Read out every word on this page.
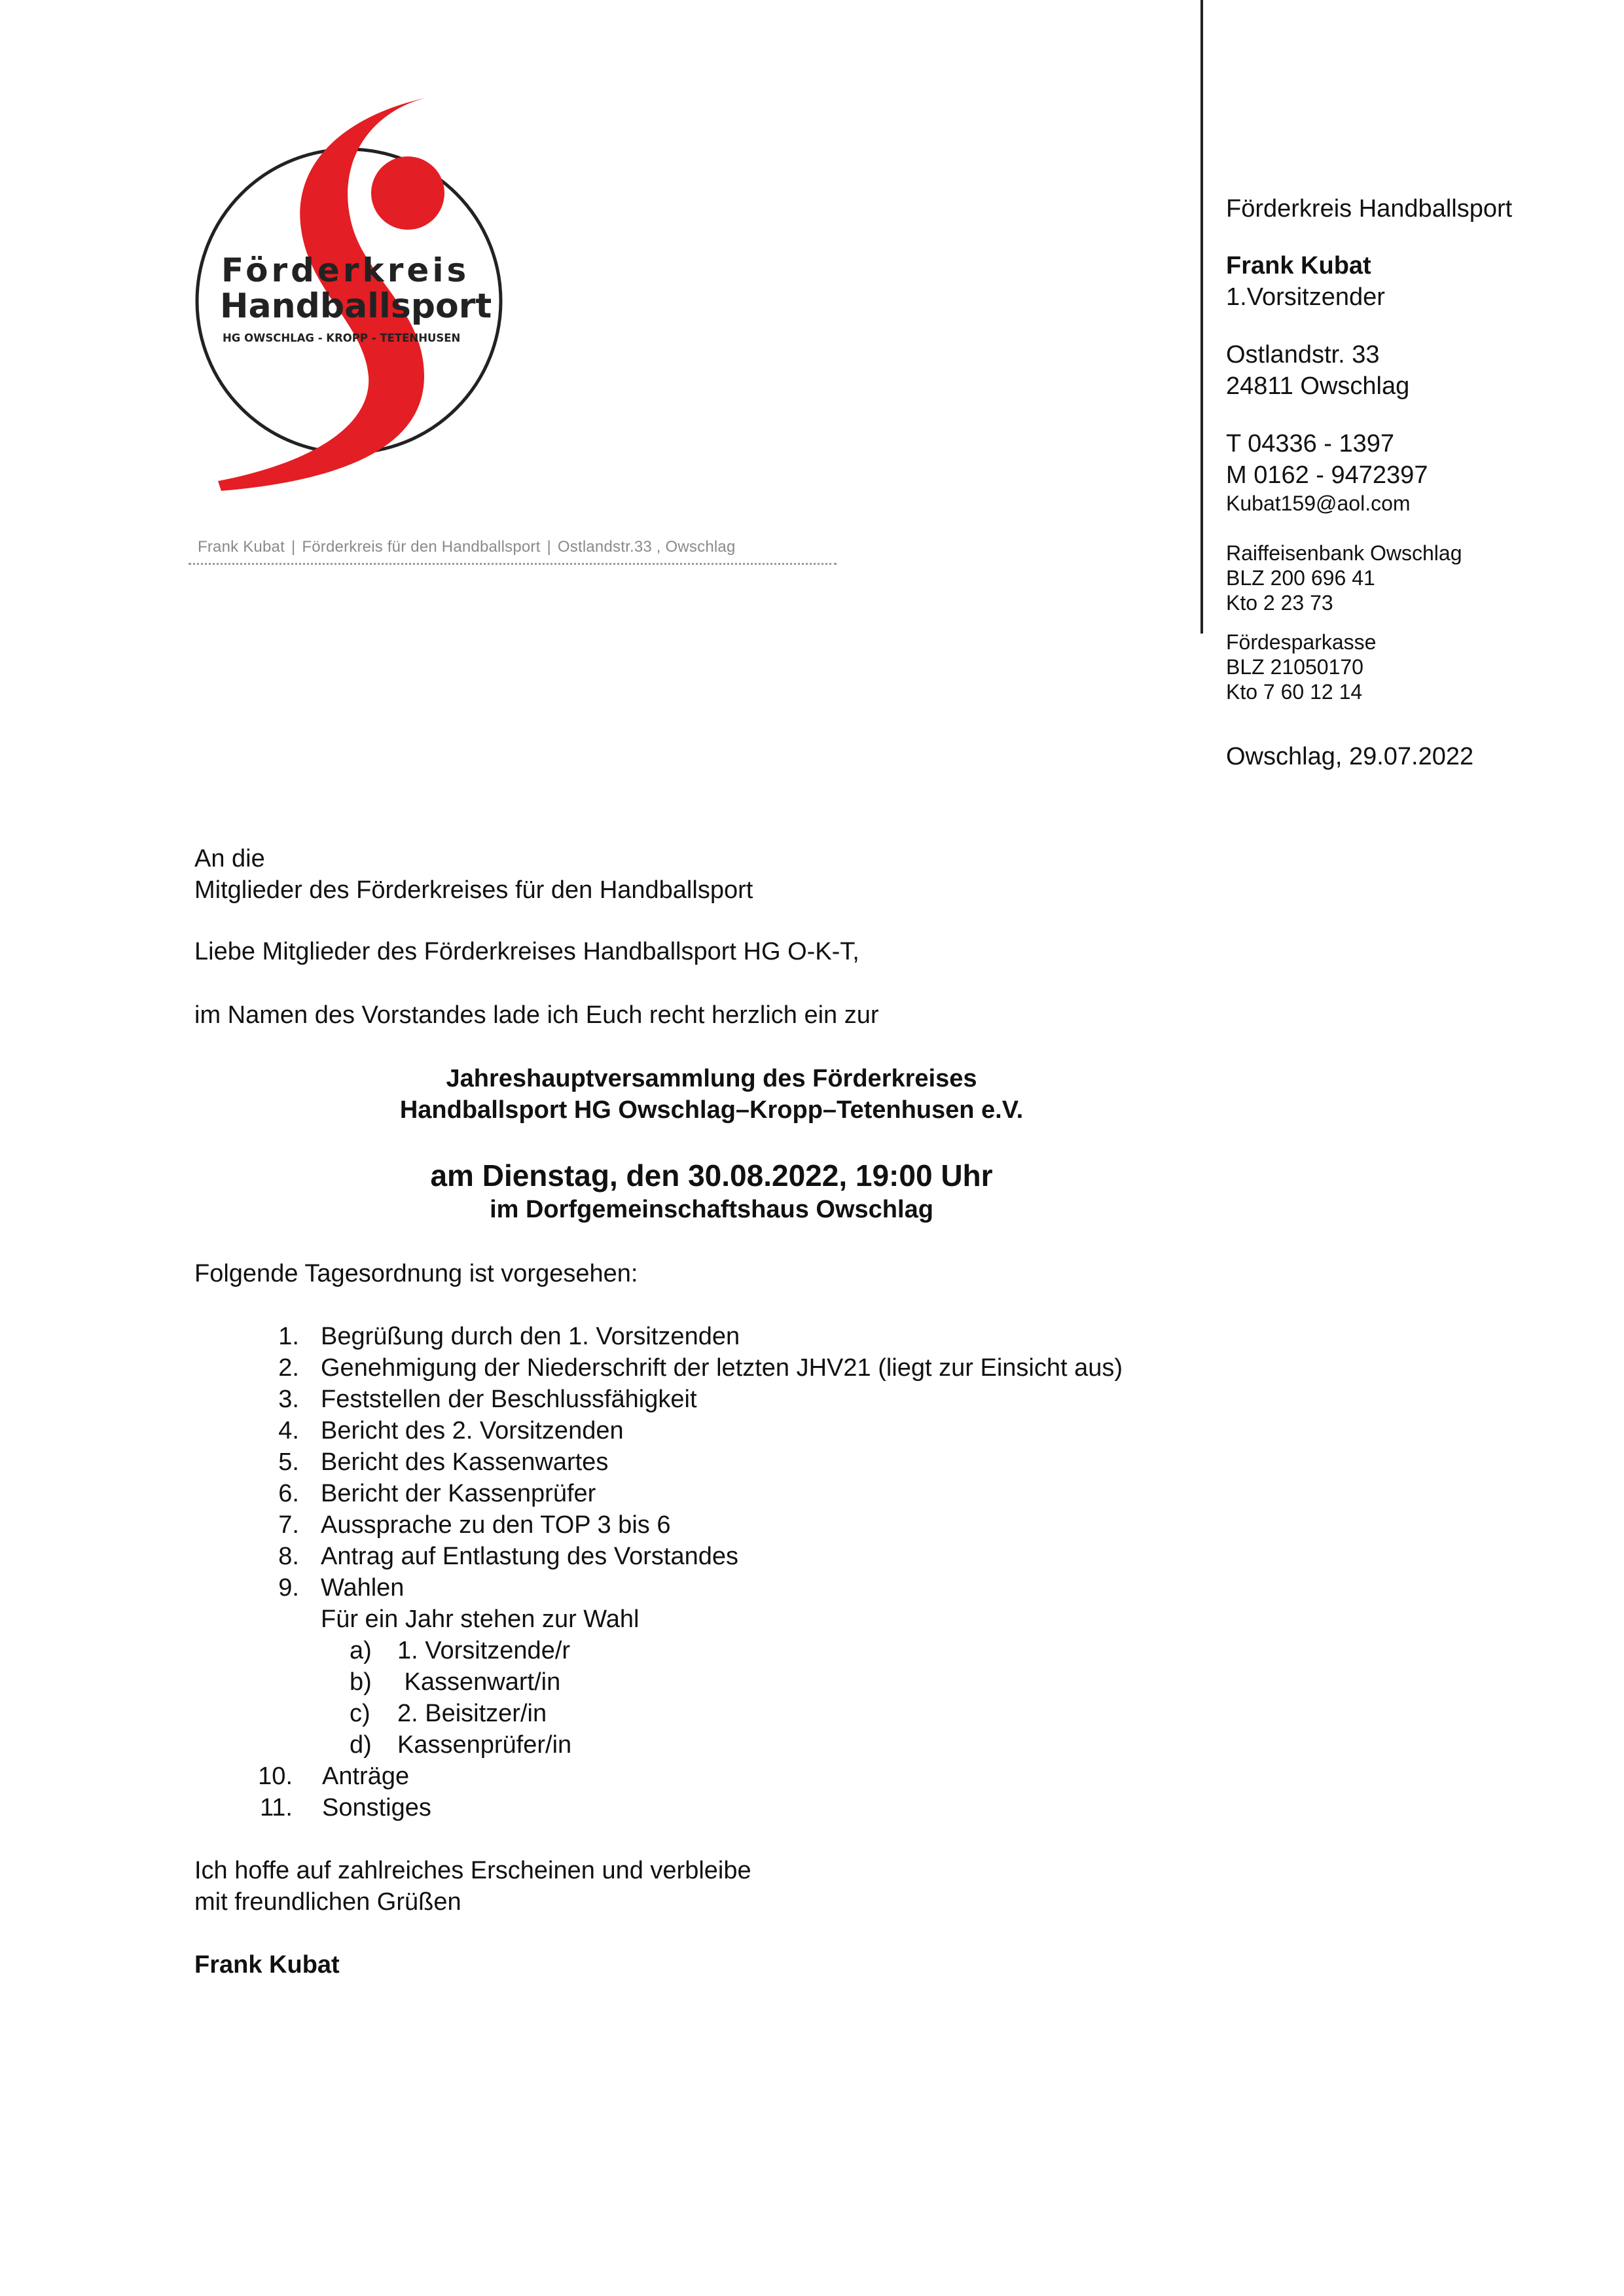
Förderkreis
Handballsport
HG OWSCHLAG - KROPP - TETENHUSEN
Frank Kubat | Förderkreis für den Handballsport | Ostlandstr.33 , Owschlag
Förderkreis Handballsport
Frank Kubat
1.Vorsitzender
Ostlandstr. 33
24811 Owschlag
T 04336 - 1397
M 0162 - 9472397
Kubat159@aol.com
Raiffeisenbank Owschlag
BLZ 200 696 41
Kto 2 23 73
Fördesparkasse
BLZ 21050170
Kto 7 60 12 14
Owschlag, 29.07.2022
An die
Mitglieder des Förderkreises für den Handballsport
Liebe Mitglieder des Förderkreises Handballsport HG O-K-T,
im Namen des Vorstandes lade ich Euch recht herzlich ein zur
Jahreshauptversammlung des Förderkreises
Handballsport HG Owschlag–Kropp–Tetenhusen e.V.
am Dienstag, den 30.08.2022, 19:00 Uhr
im Dorfgemeinschaftshaus Owschlag
Folgende Tagesordnung ist vorgesehen:
1. Begrüßung durch den 1. Vorsitzenden
2. Genehmigung der Niederschrift der letzten JHV21 (liegt zur Einsicht aus)
3. Feststellen der Beschlussfähigkeit
4. Bericht des 2. Vorsitzenden
5. Bericht des Kassenwartes
6. Bericht der Kassenprüfer
7. Aussprache zu den TOP 3 bis 6
8. Antrag auf Entlastung des Vorstandes
9. Wahlen
Für ein Jahr stehen zur Wahl
a) 1. Vorsitzende/r
b) Kassenwart/in
c) 2. Beisitzer/in
d) Kassenprüfer/in
10. Anträge
11. Sonstiges
Ich hoffe auf zahlreiches Erscheinen und verbleibe
mit freundlichen Grüßen
Frank Kubat
